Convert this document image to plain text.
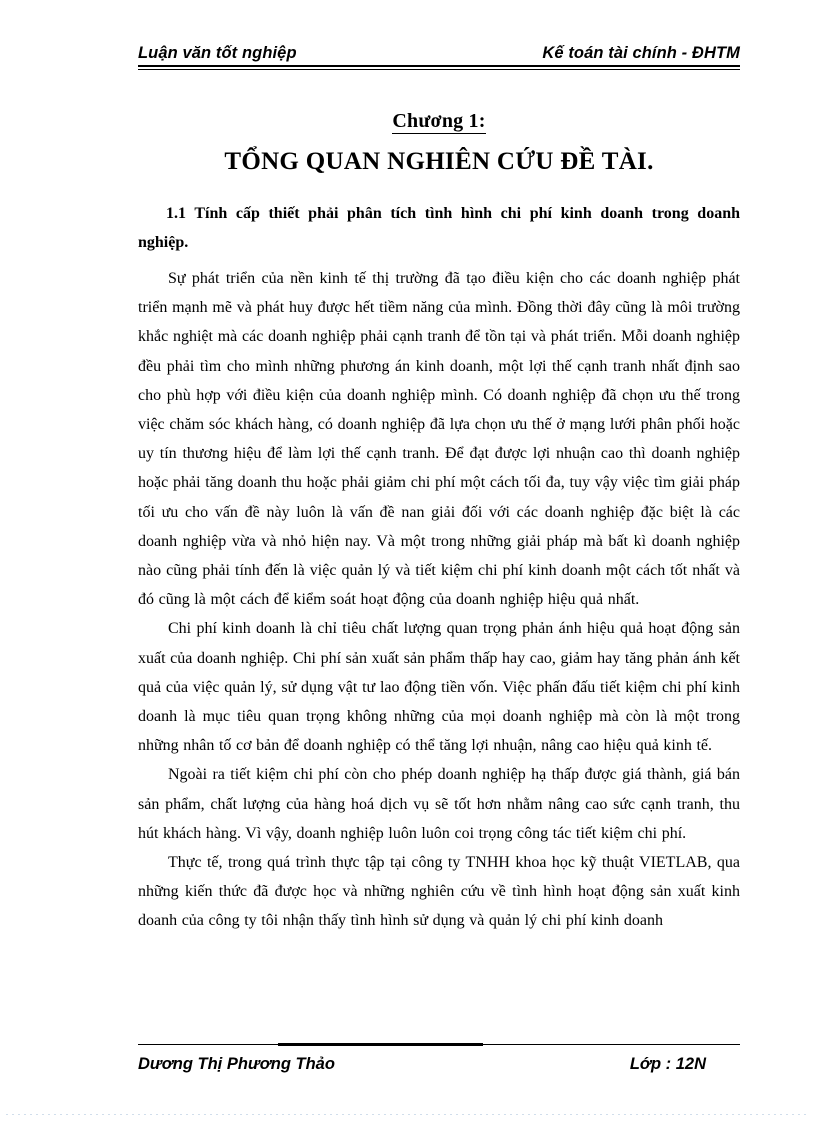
Luận văn tốt nghiệp	Kế toán tài chính - ĐHTM
Chương 1:
TỔNG QUAN NGHIÊN CỨU ĐỀ TÀI.
1.1 Tính cấp thiết phải phân tích tình hình chi phí kinh doanh trong doanh nghiệp.

Sự phát triển của nền kinh tế thị trường đã tạo điều kiện cho các doanh nghiệp phát triển mạnh mẽ và phát huy được hết tiềm năng của mình. Đồng thời đây cũng là môi trường khắc nghiệt mà các doanh nghiệp phải cạnh tranh để tồn tại và phát triển. Mỗi doanh nghiệp đều phải tìm cho mình những phương án kinh doanh, một lợi thế cạnh tranh nhất định sao cho phù hợp với điều kiện của doanh nghiệp mình. Có doanh nghiệp đã chọn ưu thế trong việc chăm sóc khách hàng, có doanh nghiệp đã lựa chọn ưu thế ở mạng lưới phân phối hoặc uy tín thương hiệu để làm lợi thế cạnh tranh. Để đạt được lợi nhuận cao thì doanh nghiệp hoặc phải tăng doanh thu hoặc phải giảm chi phí một cách tối đa, tuy vậy việc tìm giải pháp tối ưu cho vấn đề này luôn là vấn đề nan giải đối với các doanh nghiệp đặc biệt là các doanh nghiệp vừa và nhỏ hiện nay. Và một trong những giải pháp mà bất kì doanh nghiệp nào cũng phải tính đến là việc quản lý và tiết kiệm chi phí kinh doanh một cách tốt nhất và đó cũng là một cách để kiểm soát hoạt động của doanh nghiệp hiệu quả nhất.

Chi phí kinh doanh là chỉ tiêu chất lượng quan trọng phản ánh hiệu quả hoạt động sản xuất của doanh nghiệp. Chi phí sản xuất sản phẩm thấp hay cao, giảm hay tăng phản ánh kết quả của việc quản lý, sử dụng vật tư lao động tiền vốn. Việc phấn đấu tiết kiệm chi phí kinh doanh là mục tiêu quan trọng không những của mọi doanh nghiệp mà còn là một trong những nhân tố cơ bản để doanh nghiệp có thể tăng lợi nhuận, nâng cao hiệu quả kinh tế.

Ngoài ra tiết kiệm chi phí còn cho phép doanh nghiệp hạ thấp được giá thành, giá bán sản phẩm, chất lượng của hàng hoá dịch vụ sẽ tốt hơn nhằm nâng cao sức cạnh tranh, thu hút khách hàng. Vì vậy, doanh nghiệp luôn luôn coi trọng công tác tiết kiệm chi phí.

Thực tế, trong quá trình thực tập tại công ty TNHH khoa học kỹ thuật VIETLAB, qua những kiến thức đã được học và những nghiên cứu về tình hình hoạt động sản xuất kinh doanh của công ty tôi nhận thấy tình hình sử dụng và quản lý chi phí kinh doanh

Dương Thị Phương Thảo	Lớp : 12N
